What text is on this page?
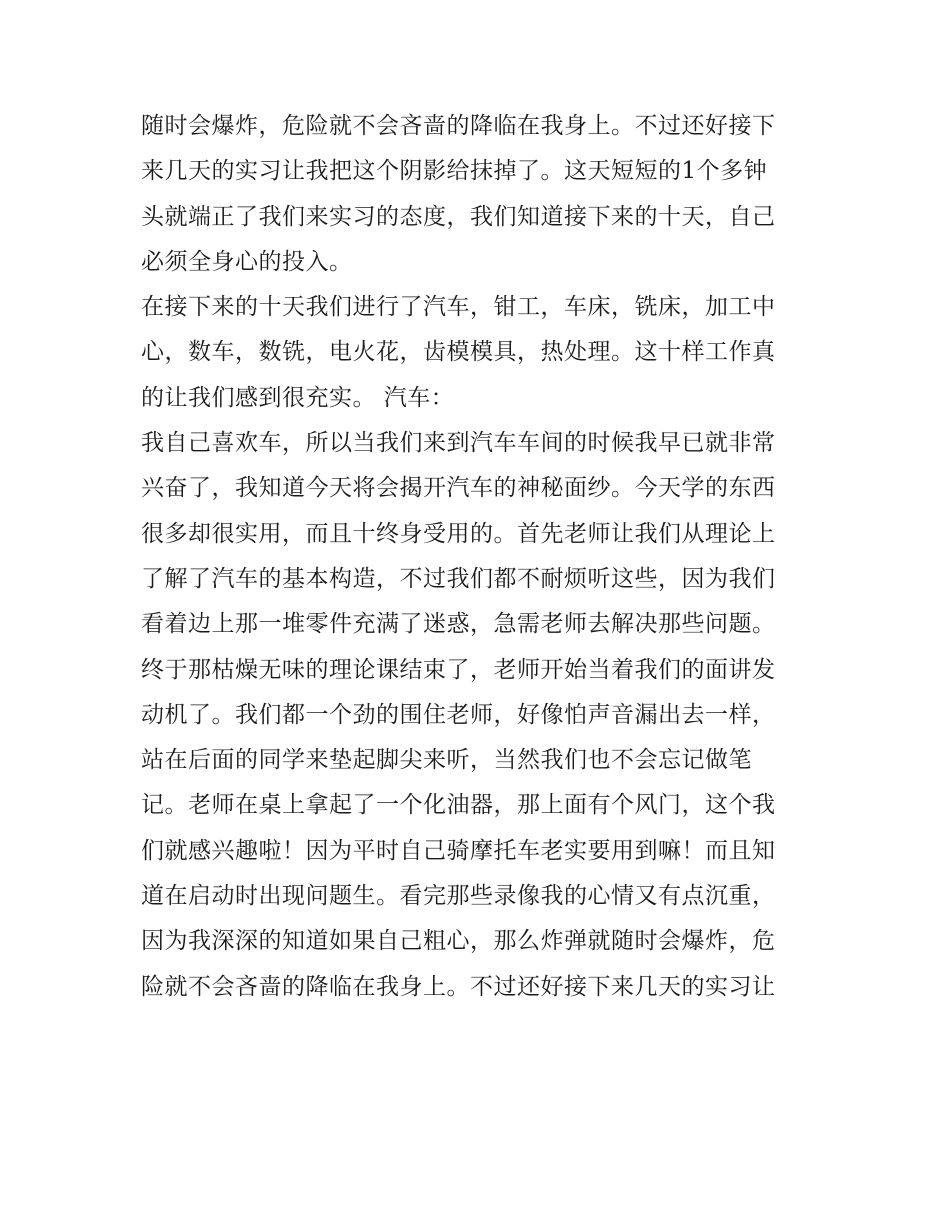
随时会爆炸，危险就不会吝啬的降临在我身上。不过还好接下
来几天的实习让我把这个阴影给抹掉了。这天短短的1个多钟
头就端正了我们来实习的态度，我们知道接下来的十天，自己
必须全身心的投入。
在接下来的十天我们进行了汽车，钳工，车床，铣床，加工中
心，数车，数铣，电火花，齿模模具，热处理。这十样工作真
的让我们感到很充实。 汽车：
我自己喜欢车，所以当我们来到汽车车间的时候我早已就非常
兴奋了，我知道今天将会揭开汽车的神秘面纱。今天学的东西
很多却很实用，而且十终身受用的。首先老师让我们从理论上
了解了汽车的基本构造，不过我们都不耐烦听这些，因为我们
看着边上那一堆零件充满了迷惑，急需老师去解决那些问题。
终于那枯燥无味的理论课结束了，老师开始当着我们的面讲发
动机了。我们都一个劲的围住老师，好像怕声音漏出去一样，
站在后面的同学来垫起脚尖来听，当然我们也不会忘记做笔
记。老师在桌上拿起了一个化油器，那上面有个风门，这个我
们就感兴趣啦！因为平时自己骑摩托车老实要用到嘛！而且知
道在启动时出现问题生。看完那些录像我的心情又有点沉重，
因为我深深的知道如果自己粗心，那么炸弹就随时会爆炸，危
险就不会吝啬的降临在我身上。不过还好接下来几天的实习让
